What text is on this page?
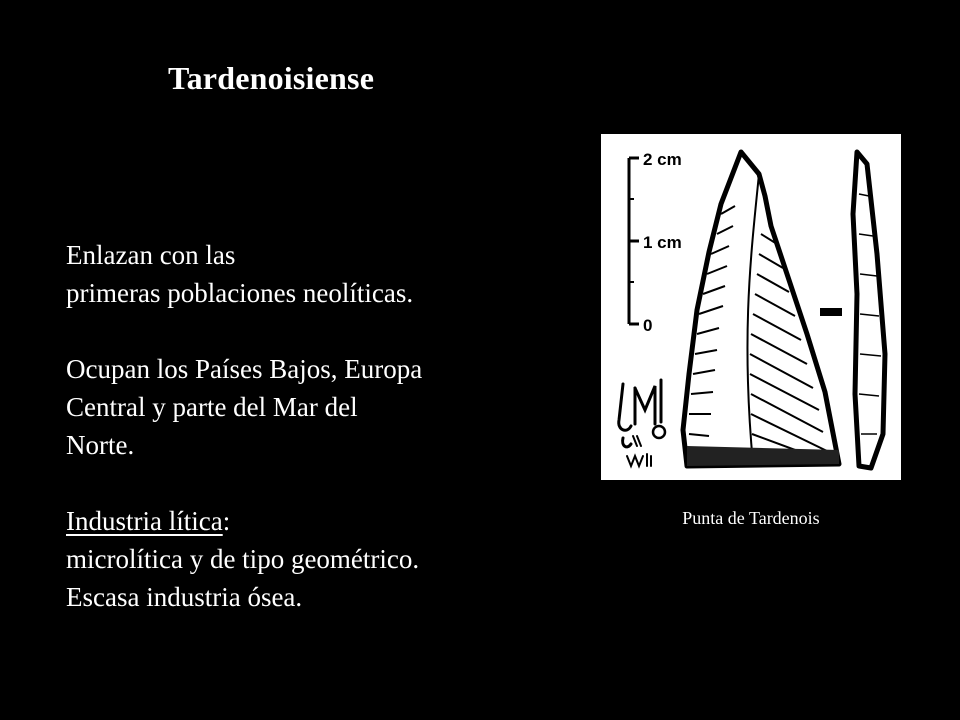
Tardenoisiense
Enlazan con las
primeras poblaciones neolíticas.
Ocupan los Países Bajos, Europa
Central y parte del Mar del
Norte.
Industria lítica:
microlítica y de tipo geométrico.
Escasa industria ósea.
2 cm
1 cm
0
Punta de Tardenois
